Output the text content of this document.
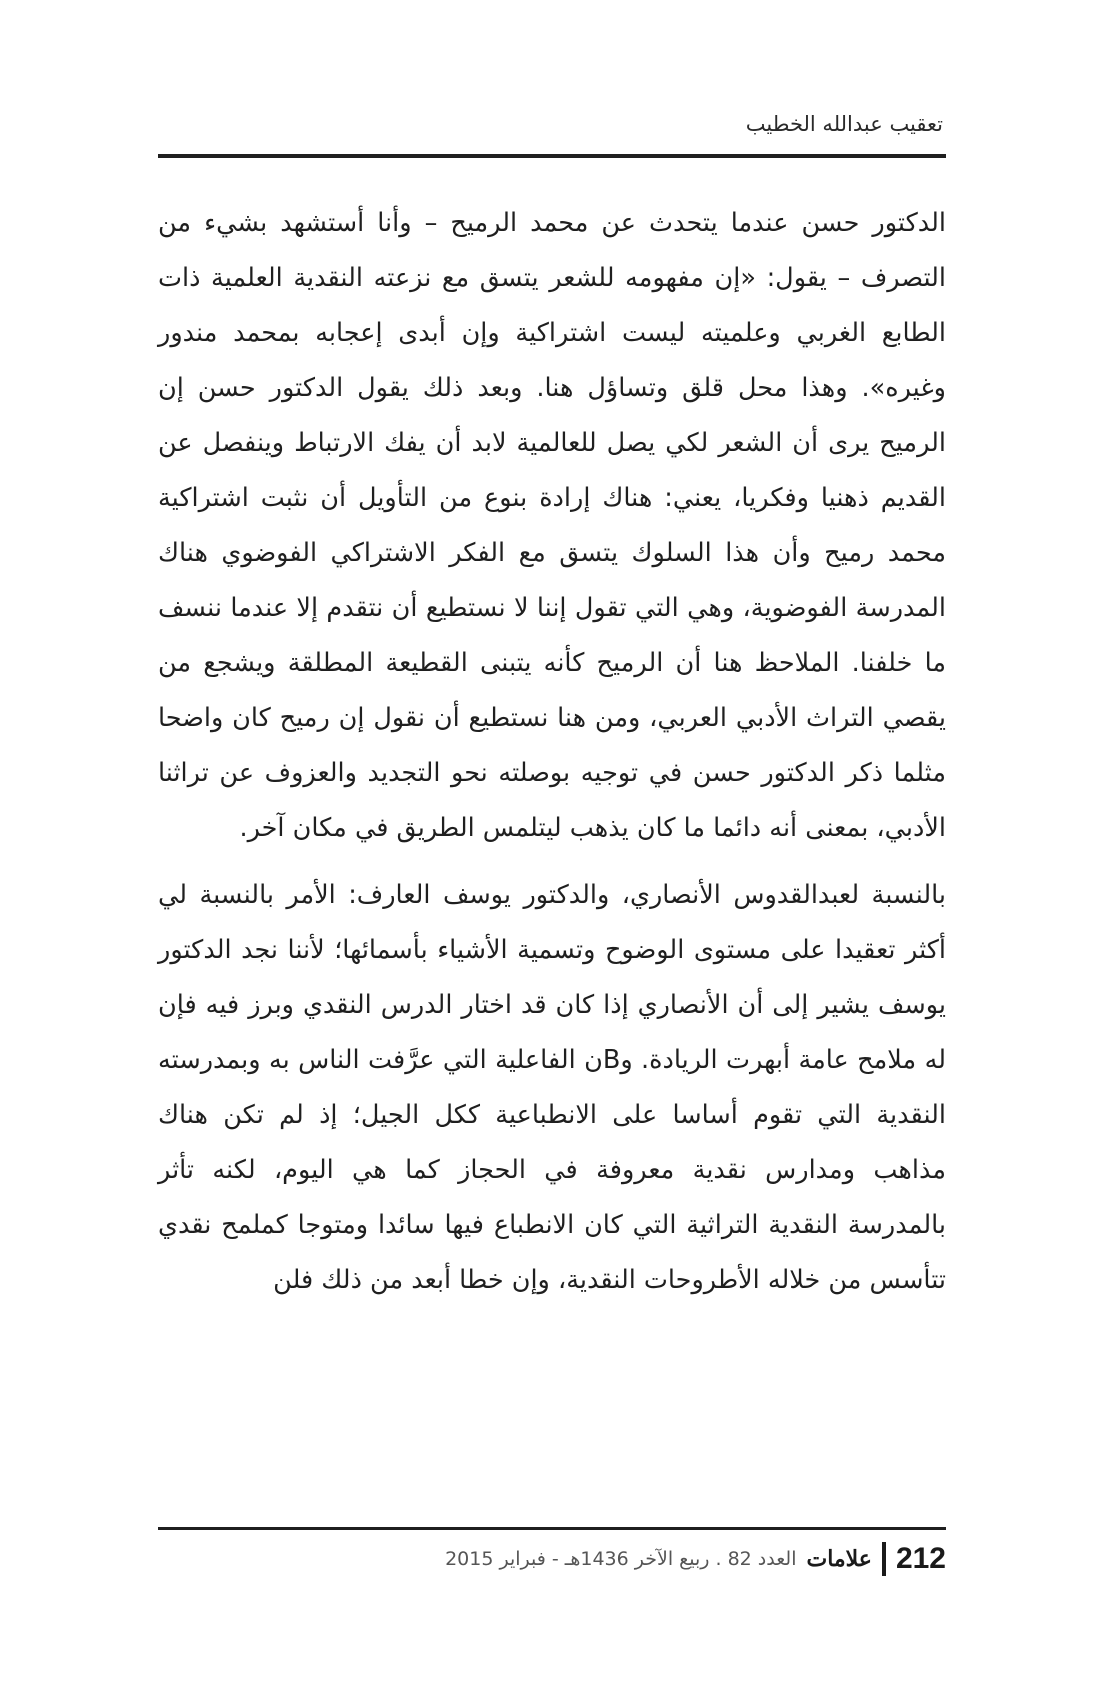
تعقيب عبدالله الخطيب

الدكتور حسن عندما يتحدث عن محمد الرميح – وأنا أستشهد بشيء من التصرف – يقول: «إن مفهومه للشعر يتسق مع نزعته النقدية العلمية ذات الطابع الغربي وعلميته ليست اشتراكية وإن أبدى إعجابه بمحمد مندور وغيره». وهذا محل قلق وتساؤل هنا. وبعد ذلك يقول الدكتور حسن إن الرميح يرى أن الشعر لكي يصل للعالمية لابد أن يفك الارتباط وينفصل عن القديم ذهنيا وفكريا، يعني: هناك إرادة بنوع من التأويل أن نثبت اشتراكية محمد رميح وأن هذا السلوك يتسق مع الفكر الاشتراكي الفوضوي هناك المدرسة الفوضوية، وهي التي تقول إننا لا نستطيع أن نتقدم إلا عندما ننسف ما خلفنا. الملاحظ هنا أن الرميح كأنه يتبنى القطيعة المطلقة ويشجع من يقصي التراث الأدبي العربي، ومن هنا نستطيع أن نقول إن رميح كان واضحا مثلما ذكر الدكتور حسن في توجيه بوصلته نحو التجديد والعزوف عن تراثنا الأدبي، بمعنى أنه دائما ما كان يذهب ليتلمس الطريق في مكان آخر.

بالنسبة لعبدالقدوس الأنصاري، والدكتور يوسف العارف: الأمر بالنسبة لي أكثر تعقيدا على مستوى الوضوح وتسمية الأشياء بأسمائها؛ لأننا نجد الدكتور يوسف يشير إلى أن الأنصاري إذا كان قد اختار الدرس النقدي وبرز فيه فإن له ملامح عامة أبهرت الريادة. وBن الفاعلية التي عرَّفت الناس به وبمدرسته النقدية التي تقوم أساسا على الانطباعية ككل الجيل؛ إذ لم تكن هناك مذاهب ومدارس نقدية معروفة في الحجاز كما هي اليوم، لكنه تأثر بالمدرسة النقدية التراثية التي كان الانطباع فيها سائدا ومتوجا كملمح نقدي تتأسس من خلاله الأطروحات النقدية، وإن خطا أبعد من ذلك فلن

212
علامات
العدد 82 . ربيع الآخر 1436هـ - فبراير 2015
